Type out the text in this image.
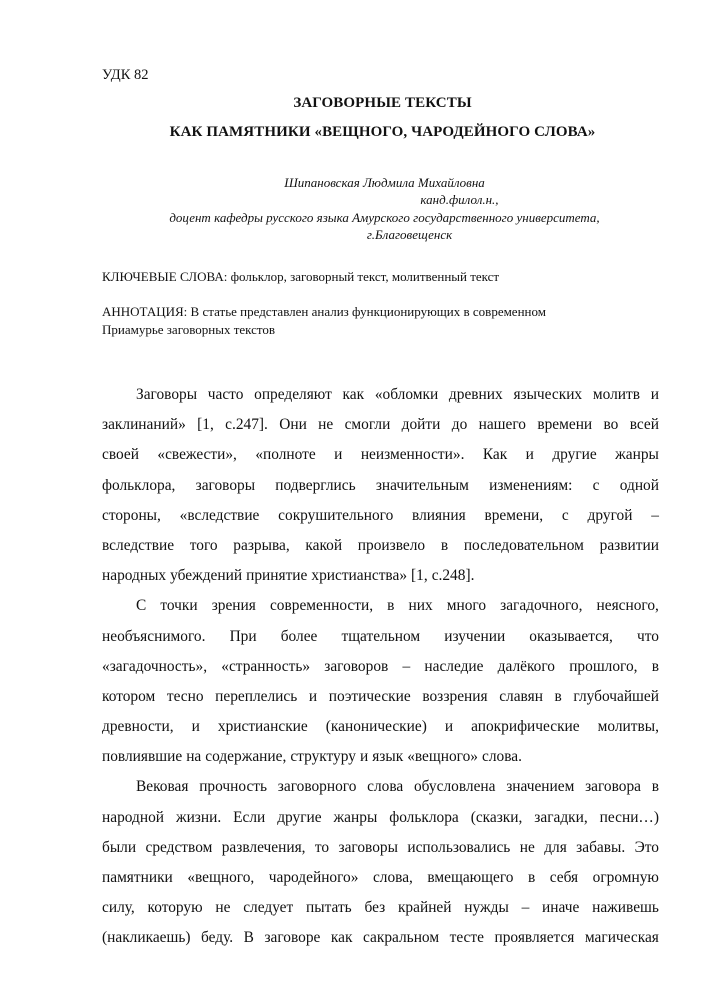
УДК 82
ЗАГОВОРНЫЕ ТЕКСТЫ
КАК ПАМЯТНИКИ «ВЕЩНОГО, ЧАРОДЕЙНОГО СЛОВА»
Шипановская Людмила Михайловна
канд.филол.н.,
доцент кафедры русского языка Амурского государственного университета,
г.Благовещенск
КЛЮЧЕВЫЕ СЛОВА: фольклор, заговорный текст, молитвенный текст
АННОТАЦИЯ: В статье представлен анализ функционирующих в современном
Приамурье заговорных текстов
Заговоры часто определяют как «обломки древних языческих молитв и
заклинаний» [1, с.247]. Они не смогли дойти до нашего времени во всей
своей «свежести», «полноте и неизменности». Как и другие жанры
фольклора, заговоры подверглись значительным изменениям: с одной
стороны, «вследствие сокрушительного влияния времени, с другой –
вследствие того разрыва, какой произвело в последовательном развитии
народных убеждений принятие христианства» [1, с.248].
С точки зрения современности, в них много загадочного, неясного,
необъяснимого. При более тщательном изучении оказывается, что
«загадочность», «странность» заговоров – наследие далёкого прошлого, в
котором тесно переплелись и поэтические воззрения славян в глубочайшей
древности, и христианские (канонические) и апокрифические молитвы,
повлиявшие на содержание, структуру и язык «вещного» слова.
Вековая прочность заговорного слова обусловлена значением заговора в
народной жизни. Если другие жанры фольклора (сказки, загадки, песни…)
были средством развлечения, то заговоры использовались не для забавы. Это
памятники «вещного, чародейного» слова, вмещающего в себя огромную
силу, которую не следует пытать без крайней нужды – иначе наживешь
(накликаешь) беду. В заговоре как сакральном тесте проявляется магическая
